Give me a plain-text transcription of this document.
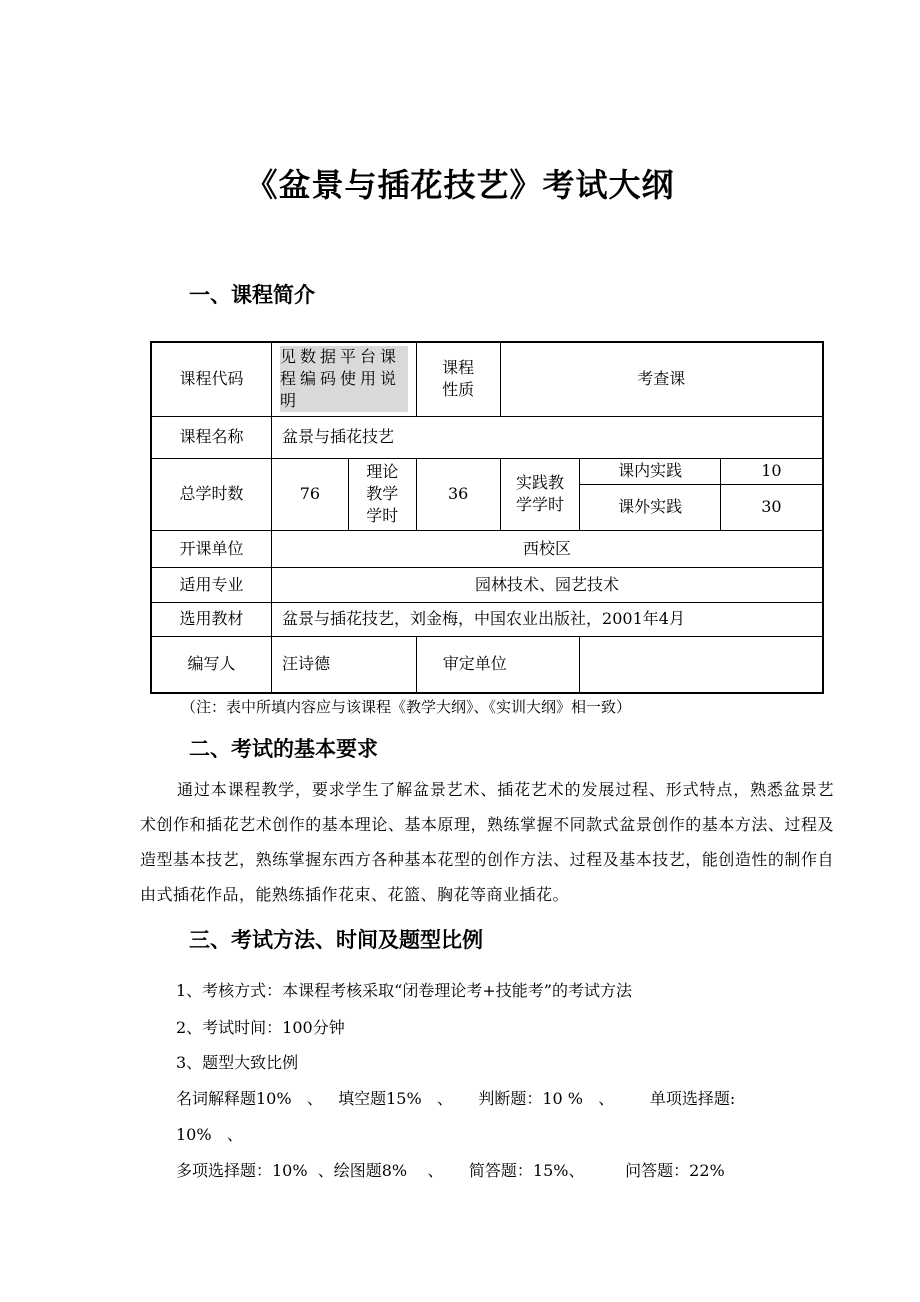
《盆景与插花技艺》考试大纲
一、课程简介
课程代码	见数据平台课程编码使用说明		课程性质	考查课		
课程名称	盆景与插花技艺					
总学时数	76	理论教学学时	36	实践教学学时	课内实践	10
					课外实践	30
开课单位	西校区					
适用专业	园林技术、园艺技术					
选用教材	盆景与插花技艺，刘金梅，中国农业出版社，2001年4月					
编写人	汪诗德		审定单位			
（注：表中所填内容应与该课程《教学大纲》、《实训大纲》相一致）
二、考试的基本要求
通过本课程教学，要求学生了解盆景艺术、插花艺术的发展过程、形式特点，熟悉盆景艺术创作和插花艺术创作的基本理论、基本原理，熟练掌握不同款式盆景创作的基本方法、过程及造型基本技艺，熟练掌握东西方各种基本花型的创作方法、过程及基本技艺，能创造性的制作自由式插花作品，能熟练插作花束、花篮、胸花等商业插花。
三、考试方法、时间及题型比例
1、考核方式：本课程考核采取“闭卷理论考+技能考”的考试方法
2、考试时间：100分钟
3、题型大致比例
名词解释题10%   、   填空题15%   、     判断题：10 %   、       单项选择题:
10%   、
多项选择题：10%  、绘图题8%    、     简答题：15%、        问答题：22%
